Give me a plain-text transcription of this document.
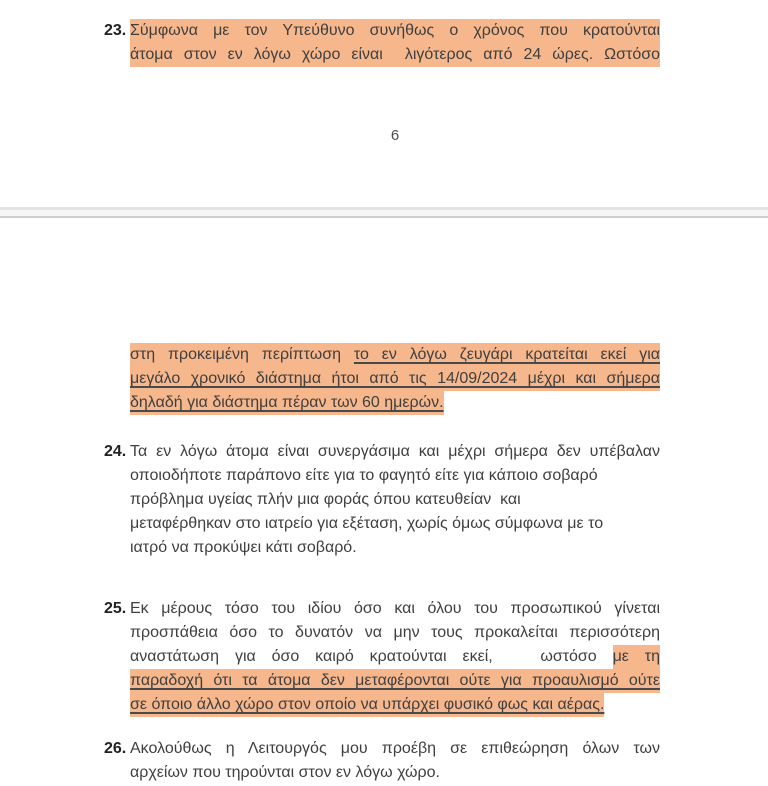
23. Σύμφωνα με τον Υπεύθυνο συνήθως ο χρόνος που κρατούνται
άτομα στον εν λόγω χώρο είναι  λιγότερος από 24 ώρες. Ωστόσο
6
στη προκειμένη περίπτωση το εν λόγω ζευγάρι κρατείται εκεί για
μεγάλο χρονικό διάστημα ήτοι από τις 14/09/2024 μέχρι και σήμερα
δηλαδή για διάστημα πέραν των 60 ημερών.
24. Τα εν λόγω άτομα είναι συνεργάσιμα και μέχρι σήμερα δεν υπέβαλαν
οποιοδήποτε παράπονο είτε για το φαγητό είτε για κάποιο σοβαρό
πρόβλημα υγείας πλήν μια φοράς όπου κατευθείαν  και
μεταφέρθηκαν στο ιατρείο για εξέταση, χωρίς όμως σύμφωνα με το
ιατρό να προκύψει κάτι σοβαρό.
25. Εκ μέρους τόσο του ιδίου όσο και όλου του προσωπικού γίνεται
προσπάθεια όσο το δυνατόν να μην τους προκαλείται περισσότερη
αναστάτωση για όσο καιρό κρατούνται εκεί,   ωστόσο με τη
παραδοχή ότι τα άτομα δεν μεταφέρονται ούτε για προαυλισμό ούτε
σε όποιο άλλο χώρο στον οποίο να υπάρχει φυσικό φως και αέρας.
26. Ακολούθως η Λειτουργός μου προέβη σε επιθεώρηση όλων των
αρχείων που τηρούνται στον εν λόγω χώρο.
